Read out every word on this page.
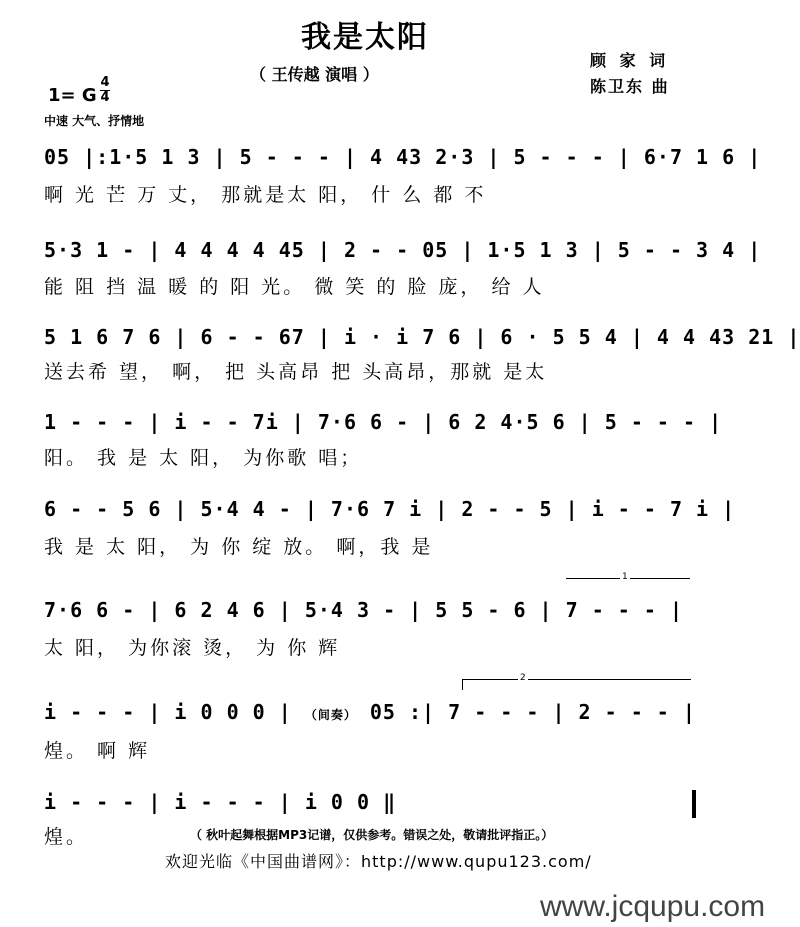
我是太阳
（ 王传越 演唱 ）
顾 家 词
陈卫东 曲
1= G
4
4
中速 大气、抒情地
05 |:1·5 1 3 | 5 - - - | 4 43 2·3 | 5 - - - | 6·7 1 6 |
啊 光 芒 万 丈， 那就是太 阳， 什 么 都 不
5·3 1 - | 4 4 4 4 45 | 2 - - 05 | 1·5 1 3 | 5 - - 3 4 |
能 阻 挡 温 暖 的 阳 光。 微 笑 的 脸 庞， 给 人
5 1 6 7 6 | 6 - - 67 | i · i 7 6 | 6 · 5 5 4 | 4 4 43 21 |
送去希 望， 啊， 把 头高昂 把 头高昂，那就 是太
1 - - - | i - - 7i | 7·6 6 - | 6 2 4·5 6 | 5 - - - |
阳。 我 是 太 阳， 为你歌 唱；
6 - - 5 6 | 5·4 4 - | 7·6 7 i | 2 - - 5 | i - - 7 i |
我 是 太 阳， 为 你 绽 放。 啊，我 是
1
7·6 6 - | 6 2 4 6 | 5·4 3 - | 5 5 - 6 | 7 - - - |
太 阳， 为你滚 烫， 为 你 辉
2
i - - - | i 0 0 0 | （间奏） 05 :| 7 - - - | 2 - - - |
煌。 啊 辉
i - - - | i - - - | i 0 0 ‖
煌。	（ 秋叶起舞根据MP3记谱，仅供参考。错误之处，敬请批评指正。）
欢迎光临《中国曲谱网》：http://www.qupu123.com/
www.jcqupu.com
